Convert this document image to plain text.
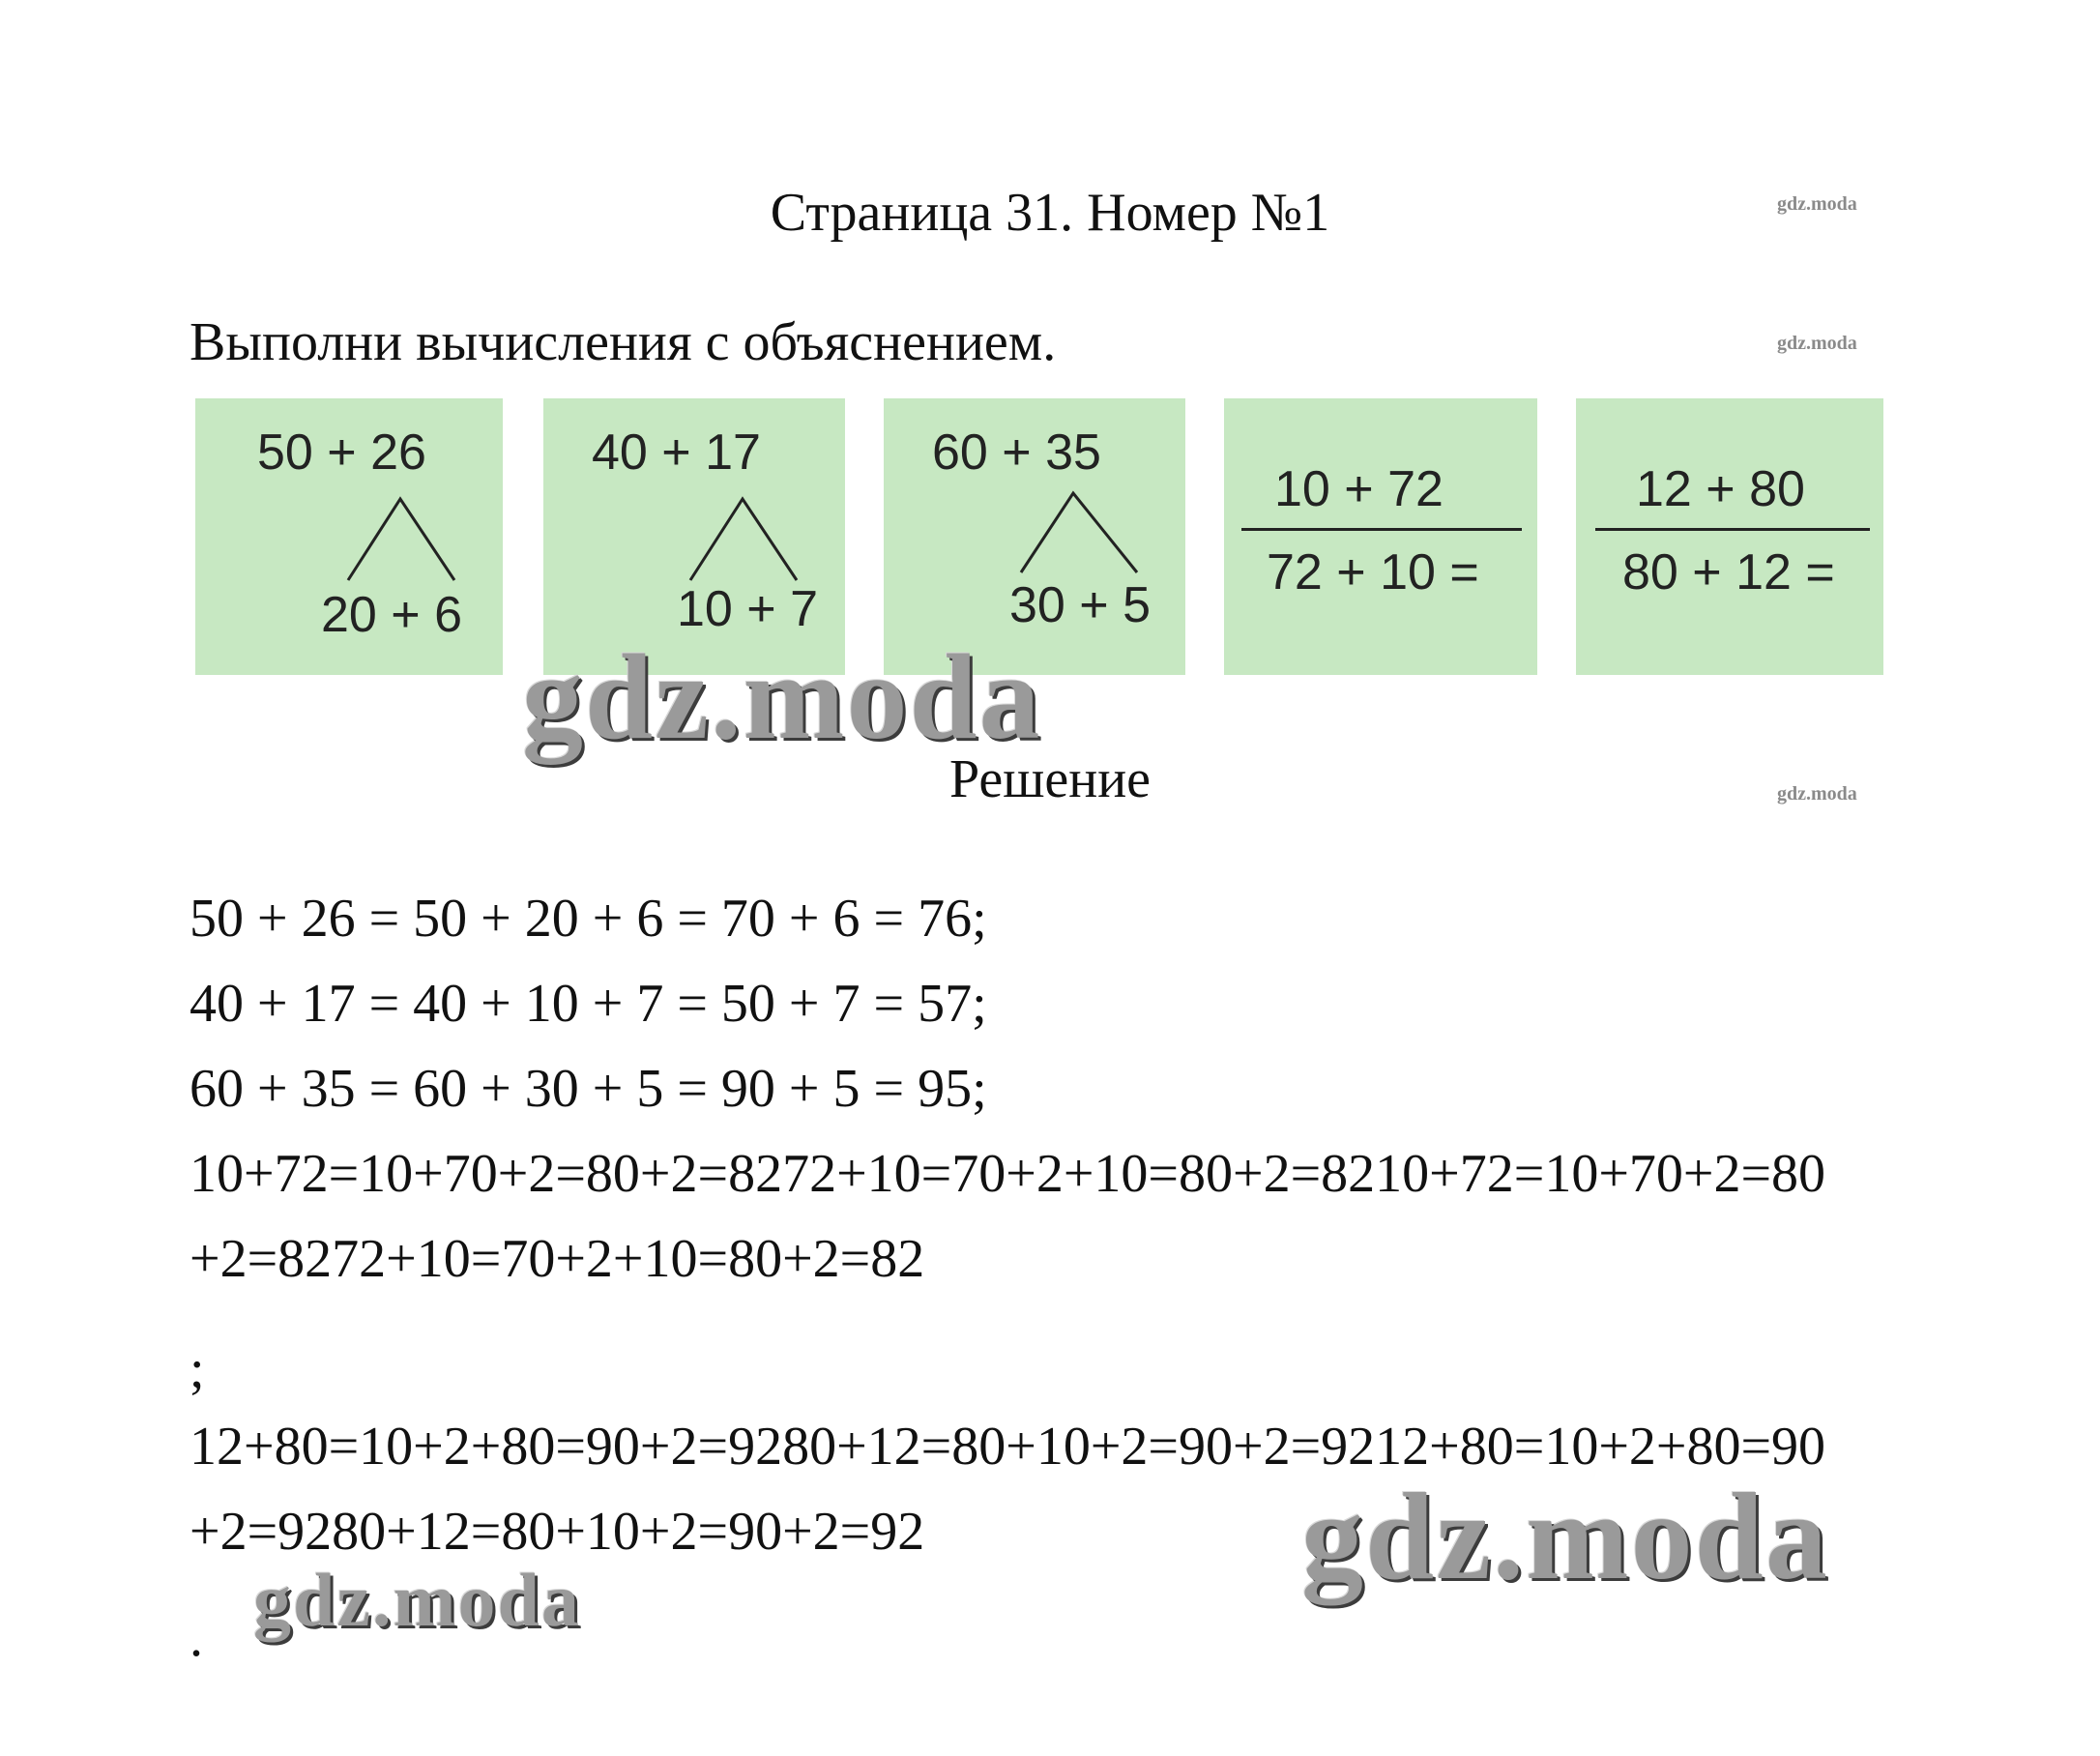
Страница 31. Номер №1	gdz.moda
gdz.moda
gdz.moda
Выполни вычисления с объяснением.
50 + 26
20 + 6
40 + 17
10 + 7
60 + 35
30 + 5
10 + 72
72 + 10 =
12 + 80
80 + 12 =
Решение
50 + 26 = 50 + 20 + 6 = 70 + 6 = 76;
40 + 17 = 40 + 10 + 7 = 50 + 7 = 57;
60 + 35 = 60 + 30 + 5 = 90 + 5 = 95;
10+72=10+70+2=80+2=8272+10=70+2+10=80+2=8210+72=10+70+2=80
+2=8272+10=70+2+10=80+2=82
;
12+80=10+2+80=90+2=9280+12=80+10+2=90+2=9212+80=10+2+80=90
+2=9280+12=80+10+2=90+2=92
.
gdz.moda
gdz.moda
gdz.moda
